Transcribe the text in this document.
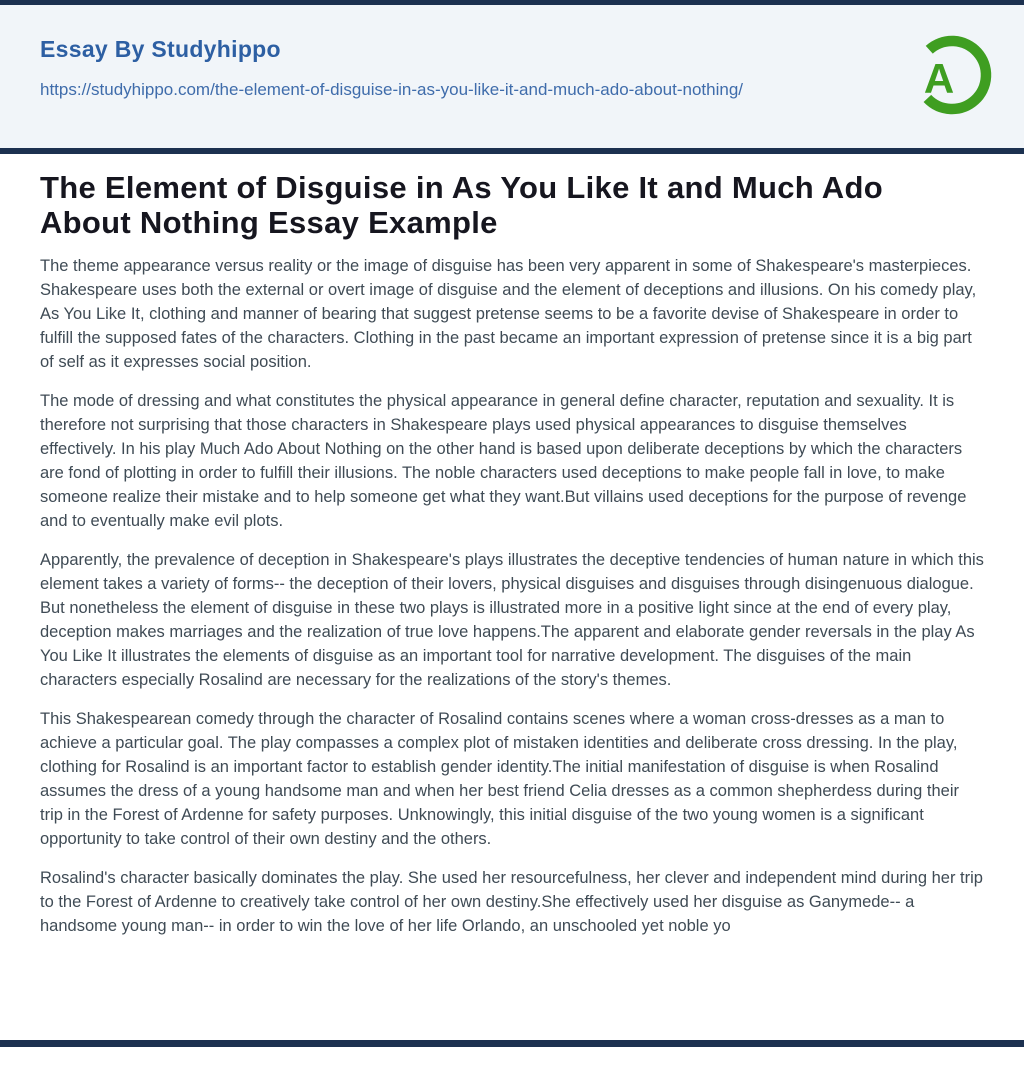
Essay By Studyhippo
https://studyhippo.com/the-element-of-disguise-in-as-you-like-it-and-much-ado-about-nothing/	A
The Element of Disguise in As You Like It and Much Ado About Nothing Essay Example

The theme appearance versus reality or the image of disguise has been very apparent in some of Shakespeare's masterpieces. Shakespeare uses both the external or overt image of disguise and the element of deceptions and illusions. On his comedy play, As You Like It, clothing and manner of bearing that suggest pretense seems to be a favorite devise of Shakespeare in order to fulfill the supposed fates of the characters. Clothing in the past became an important expression of pretense since it is a big part of self as it expresses social position.

The mode of dressing and what constitutes the physical appearance in general define character, reputation and sexuality. It is therefore not surprising that those characters in Shakespeare plays used physical appearances to disguise themselves effectively. In his play Much Ado About Nothing on the other hand is based upon deliberate deceptions by which the characters are fond of plotting in order to fulfill their illusions. The noble characters used deceptions to make people fall in love, to make someone realize their mistake and to help someone get what they want.But villains used deceptions for the purpose of revenge and to eventually make evil plots.

Apparently, the prevalence of deception in Shakespeare's plays illustrates the deceptive tendencies of human nature in which this element takes a variety of forms-- the deception of their lovers, physical disguises and disguises through disingenuous dialogue. But nonetheless the element of disguise in these two plays is illustrated more in a positive light since at the end of every play, deception makes marriages and the realization of true love happens.The apparent and elaborate gender reversals in the play As You Like It illustrates the elements of disguise as an important tool for narrative development. The disguises of the main characters especially Rosalind are necessary for the realizations of the story's themes.

This Shakespearean comedy through the character of Rosalind contains scenes where a woman cross-dresses as a man to achieve a particular goal. The play compasses a complex plot of mistaken identities and deliberate cross dressing. In the play, clothing for Rosalind is an important factor to establish gender identity.The initial manifestation of disguise is when Rosalind assumes the dress of a young handsome man and when her best friend Celia dresses as a common shepherdess during their trip in the Forest of Ardenne for safety purposes. Unknowingly, this initial disguise of the two young women is a significant opportunity to take control of their own destiny and the others.

Rosalind's character basically dominates the play. She used her resourcefulness, her clever and independent mind during her trip to the Forest of Ardenne to creatively take control of her own destiny.She effectively used her disguise as Ganymede-- a handsome young man-- in order to win the love of her life Orlando, an unschooled yet noble yo
